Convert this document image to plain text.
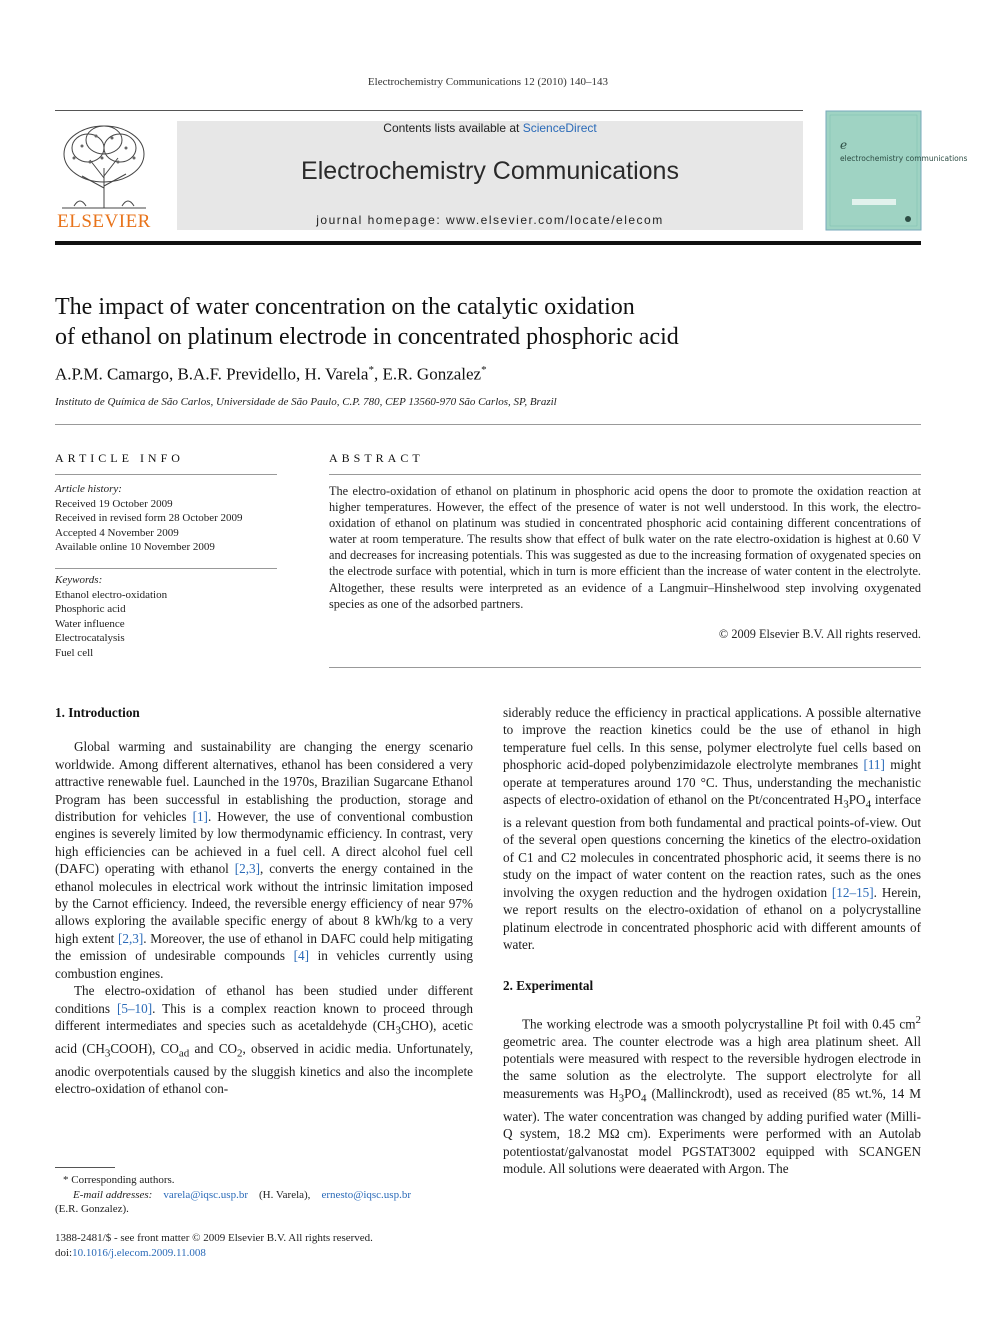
Electrochemistry Communications 12 (2010) 140–143
ELSEVIER
Contents lists available at ScienceDirect
Electrochemistry Communications
journal homepage: www.elsevier.com/locate/elecom
e
electrochemistry communications
The impact of water concentration on the catalytic oxidation
of ethanol on platinum electrode in concentrated phosphoric acid
A.P.M. Camargo, B.A.F. Previdello, H. Varela*, E.R. Gonzalez*
Instituto de Química de São Carlos, Universidade de São Paulo, C.P. 780, CEP 13560-970 São Carlos, SP, Brazil
ARTICLE INFO
Article history:
Received 19 October 2009
Received in revised form 28 October 2009
Accepted 4 November 2009
Available online 10 November 2009
Keywords:
Ethanol electro-oxidation
Phosphoric acid
Water influence
Electrocatalysis
Fuel cell
ABSTRACT
The electro-oxidation of ethanol on platinum in phosphoric acid opens the door to promote the oxidation reaction at higher temperatures. However, the effect of the presence of water is not well understood. In this work, the electro-oxidation of ethanol on platinum was studied in concentrated phosphoric acid containing different concentrations of water at room temperature. The results show that effect of bulk water on the rate electro-oxidation is highest at 0.60 V and decreases for increasing potentials. This was suggested as due to the increasing formation of oxygenated species on the electrode surface with potential, which in turn is more efficient than the increase of water content in the electrolyte. Altogether, these results were interpreted as an evidence of a Langmuir–Hinshelwood step involving oxygenated species as one of the adsorbed partners.
© 2009 Elsevier B.V. All rights reserved.
1. Introduction

Global warming and sustainability are changing the energy scenario worldwide. Among different alternatives, ethanol has been considered a very attractive renewable fuel. Launched in the 1970s, Brazilian Sugarcane Ethanol Program has been successful in establishing the production, storage and distribution for vehicles [1]. However, the use of conventional combustion engines is severely limited by low thermodynamic efficiency. In contrast, very high efficiencies can be achieved in a fuel cell. A direct alcohol fuel cell (DAFC) operating with ethanol [2,3], converts the energy contained in the ethanol molecules in electrical work without the intrinsic limitation imposed by the Carnot efficiency. Indeed, the reversible energy efficiency of near 97% allows exploring the available specific energy of about 8 kWh/kg to a very high extent [2,3]. Moreover, the use of ethanol in DAFC could help mitigating the emission of undesirable compounds [4] in vehicles currently using combustion engines.

The electro-oxidation of ethanol has been studied under different conditions [5–10]. This is a complex reaction known to proceed through different intermediates and species such as acetaldehyde $(CH_3CHO)$, acetic acid $(CH_3COOH)$, $CO_{ad}$ and $CO_2$, observed in acidic media. Unfortunately, anodic overpotentials caused by the sluggish kinetics and also the incomplete electro-oxidation of ethanol con-

siderably reduce the efficiency in practical applications. A possible alternative to improve the reaction kinetics could be the use of ethanol in high temperature fuel cells. In this sense, polymer electrolyte fuel cells based on phosphoric acid-doped polybenzimidazole electrolyte membranes [11] might operate at temperatures around 170 °C. Thus, understanding the mechanistic aspects of electro-oxidation of ethanol on the Pt/concentrated $H_3PO_4$ interface is a relevant question from both fundamental and practical points-of-view. Out of the several open questions concerning the kinetics of the electro-oxidation of C1 and C2 molecules in concentrated phosphoric acid, it seems there is no study on the impact of water content on the reaction rates, such as the ones involving the oxygen reduction and the hydrogen oxidation [12–15]. Herein, we report results on the electro-oxidation of ethanol on a polycrystalline platinum electrode in concentrated phosphoric acid with different amounts of water.

2. Experimental

The working electrode was a smooth polycrystalline Pt foil with 0.45 $cm^2$ geometric area. The counter electrode was a high area platinum sheet. All potentials were measured with respect to the reversible hydrogen electrode in the same solution as the electrolyte. The support electrolyte for all measurements was $H_3PO_4$ (Mallinckrodt), used as received (85 wt.%, 14 M water). The water concentration was changed by adding purified water (Milli-Q system, 18.2 MΩ cm). Experiments were performed with an Autolab potentiostat/galvanostat model PGSTAT3002 equipped with SCANGEN module. All solutions were deaerated with Argon. The

* Corresponding authors.
E-mail addresses: varela@iqsc.usp.br (H. Varela), ernesto@iqsc.usp.br
(E.R. Gonzalez).
1388-2481/$ - see front matter © 2009 Elsevier B.V. All rights reserved.
doi:10.1016/j.elecom.2009.11.008
